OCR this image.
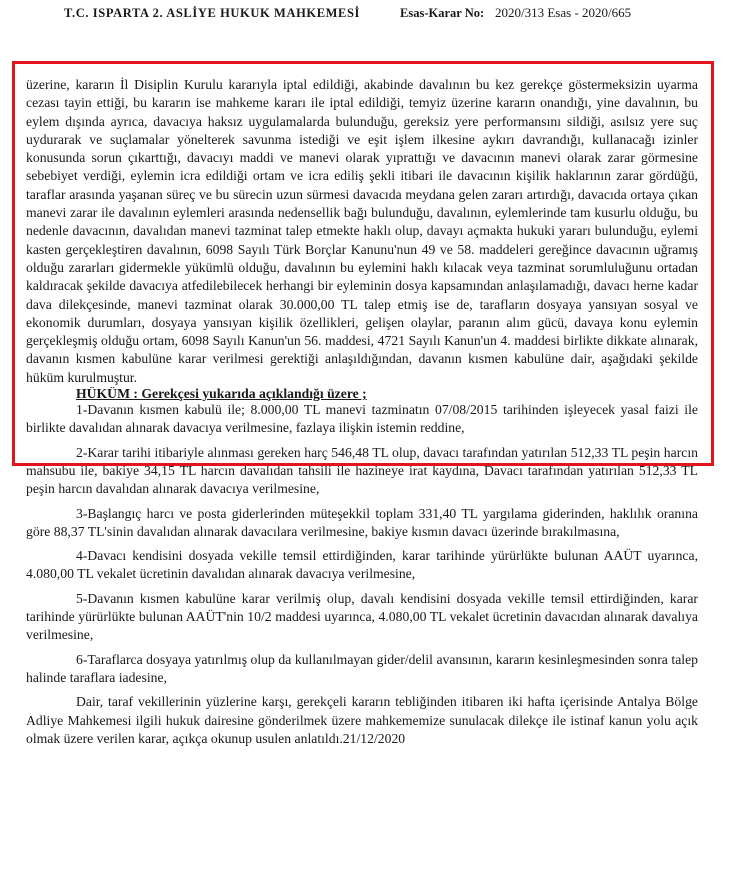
T.C. ISPARTA 2. ASLİYE HUKUK MAHKEMESİ	Esas-Karar No: 2020/313 Esas - 2020/665

üzerine, kararın İl Disiplin Kurulu kararıyla iptal edildiği, akabinde davalının bu kez gerekçe göstermeksizin uyarma cezası tayin ettiği, bu kararın ise mahkeme kararı ile iptal edildiği, temyiz üzerine kararın onandığı, yine davalının, bu eylem dışında ayrıca, davacıya haksız uygulamalarda bulunduğu, gereksiz yere performansını sildiği, asılsız yere suç uydurarak ve suçlamalar yönelterek savunma istediği ve eşit işlem ilkesine aykırı davrandığı, kullanacağı izinler konusunda sorun çıkarttığı, davacıyı maddi ve manevi olarak yıprattığı ve davacının manevi olarak zarar görmesine sebebiyet verdiği, eylemin icra edildiği ortam ve icra ediliş şekli itibari ile davacının kişilik haklarının zarar gördüğü, taraflar arasında yaşanan süreç ve bu sürecin uzun sürmesi davacıda meydana gelen zararı artırdığı, davacıda ortaya çıkan manevi zarar ile davalının eylemleri arasında nedensellik bağı bulunduğu, davalının, eylemlerinde tam kusurlu olduğu, bu nedenle davacının, davalıdan manevi tazminat talep etmekte haklı olup, davayı açmakta hukuki yararı bulunduğu, eylemi kasten gerçekleştiren davalının, 6098 Sayılı Türk Borçlar Kanunu'nun 49 ve 58. maddeleri gereğince davacının uğramış olduğu zararları gidermekle yükümlü olduğu, davalının bu eylemini haklı kılacak veya tazminat sorumluluğunu ortadan kaldıracak şekilde davacıya atfedilebilecek herhangi bir eyleminin dosya kapsamından anlaşılamadığı, davacı herne kadar dava dilekçesinde, manevi tazminat olarak 30.000,00 TL talep etmiş ise de, tarafların dosyaya yansıyan sosyal ve ekonomik durumları, dosyaya yansıyan kişilik özellikleri, gelişen olaylar, paranın alım gücü, davaya konu eylemin gerçekleşmiş olduğu ortam, 6098 Sayılı Kanun'un 56. maddesi, 4721 Sayılı Kanun'un 4. maddesi birlikte dikkate alınarak, davanın kısmen kabulüne karar verilmesi gerektiği anlaşıldığından, davanın kısmen kabulüne dair, aşağıdaki şekilde hüküm kurulmuştur.

HÜKÜM : Gerekçesi yukarıda açıklandığı üzere ;

1-Davanın kısmen kabulü ile; 8.000,00 TL manevi tazminatın 07/08/2015 tarihinden işleyecek yasal faizi ile birlikte davalıdan alınarak davacıya verilmesine, fazlaya ilişkin istemin reddine,

2-Karar tarihi itibariyle alınması gereken harç 546,48 TL olup, davacı tarafından yatırılan 512,33 TL peşin harcın mahsubu ile, bakiye 34,15 TL harcın davalıdan tahsili ile hazineye irat kaydına, Davacı tarafından yatırılan 512,33 TL peşin harcın davalıdan alınarak davacıya verilmesine,

3-Başlangıç harcı ve posta giderlerinden müteşekkil toplam 331,40 TL yargılama giderinden, haklılık oranına göre 88,37 TL'sinin davalıdan alınarak davacılara verilmesine, bakiye kısmın davacı üzerinde bırakılmasına,

4-Davacı kendisini dosyada vekille temsil ettirdiğinden, karar tarihinde yürürlükte bulunan AAÜT uyarınca, 4.080,00 TL vekalet ücretinin davalıdan alınarak davacıya verilmesine,

5-Davanın kısmen kabulüne karar verilmiş olup, davalı kendisini dosyada vekille temsil ettirdiğinden, karar tarihinde yürürlükte bulunan AAÜT'nin 10/2 maddesi uyarınca, 4.080,00 TL vekalet ücretinin davacıdan alınarak davalıya verilmesine,

6-Taraflarca dosyaya yatırılmış olup da kullanılmayan gider/delil avansının, kararın kesinleşmesinden sonra talep halinde taraflara iadesine,

Dair, taraf vekillerinin yüzlerine karşı, gerekçeli kararın tebliğinden itibaren iki hafta içerisinde Antalya Bölge Adliye Mahkemesi ilgili hukuk dairesine gönderilmek üzere mahkememize sunulacak dilekçe ile istinaf kanun yolu açık olmak üzere verilen karar, açıkça okunup usulen anlatıldı.21/12/2020
